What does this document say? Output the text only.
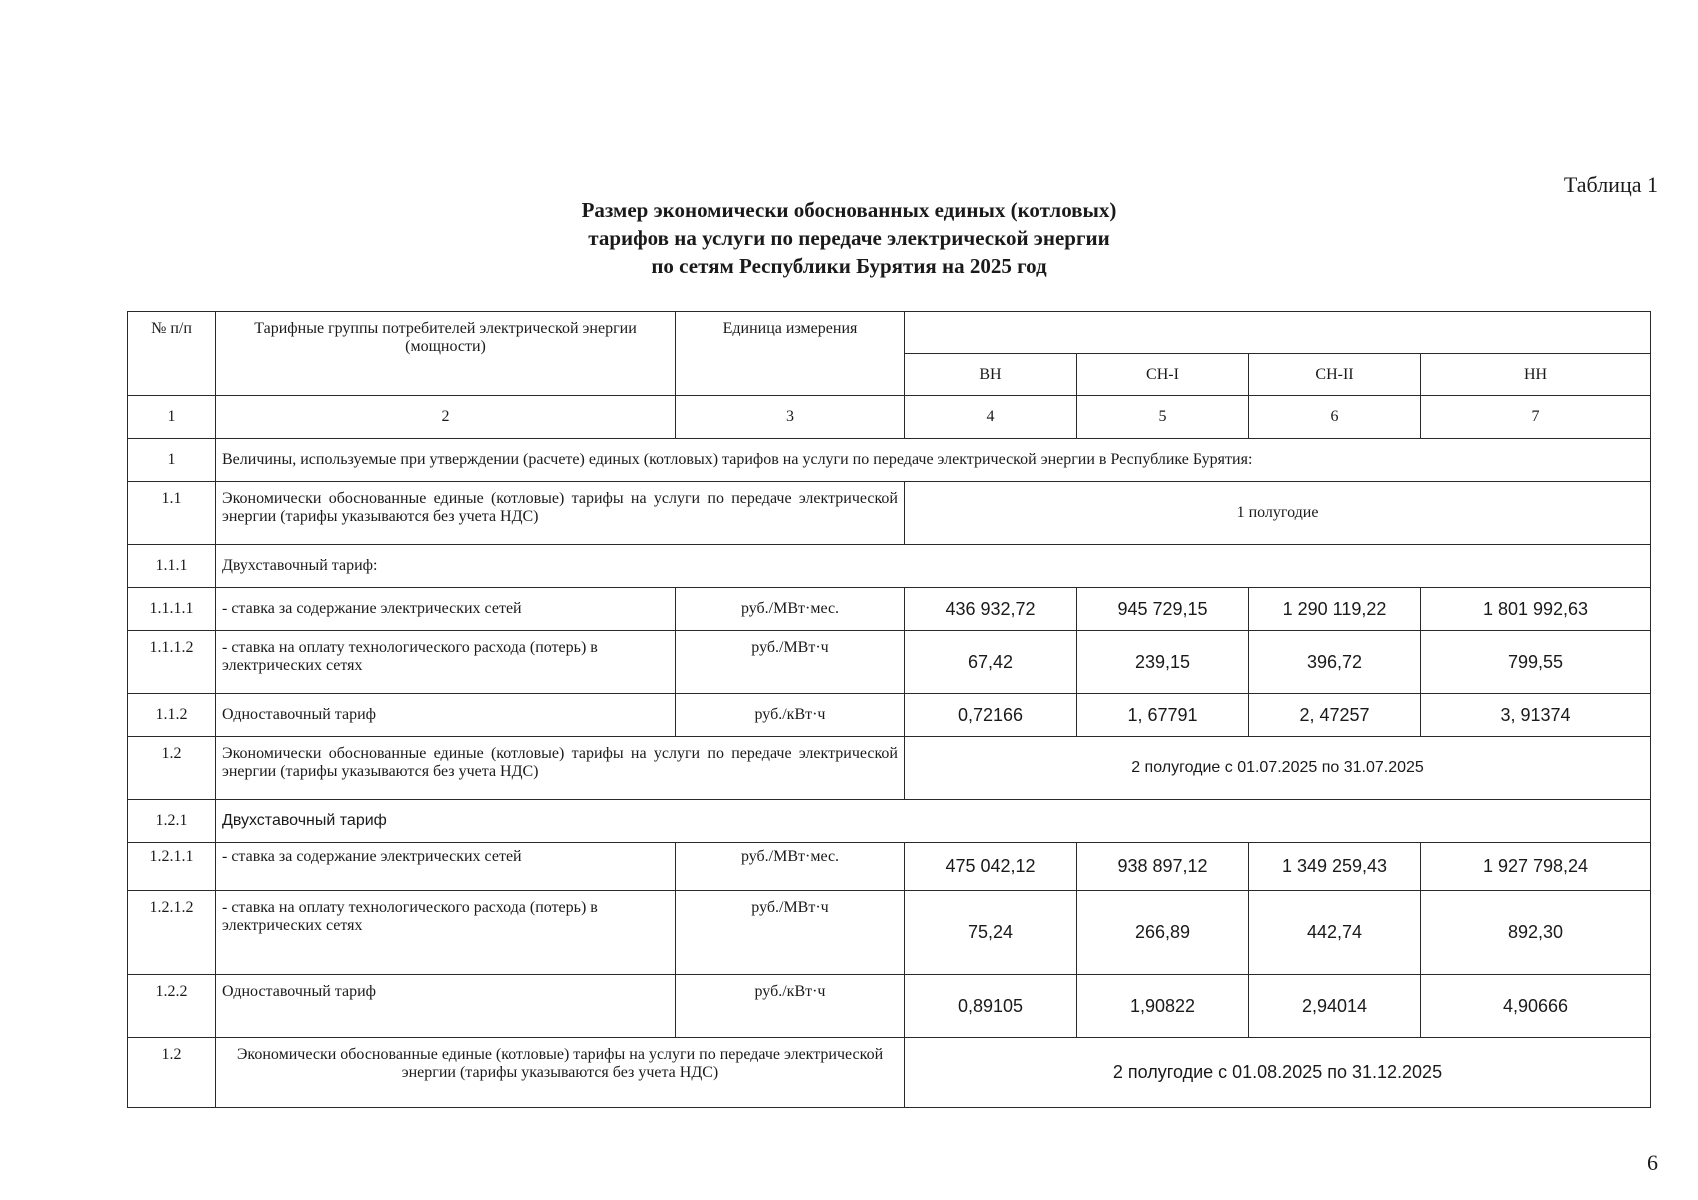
Таблица 1
Размер экономически обоснованных единых (котловых)
тарифов на услуги по передаче электрической энергии
по сетям Республики Бурятия на 2025 год
№ п/п	Тарифные группы потребителей электрической энергии (мощности)	Единица измерения				
			ВН	СН-I	СН-II	НН
1	2	3	4	5	6	7
1	Величины, используемые при утверждении (расчете) единых (котловых) тарифов на услуги по передаче электрической энергии в Республике Бурятия:					
1.1	Экономически обоснованные единые (котловые) тарифы на услуги по передаче электрической энергии (тарифы указываются без учета НДС)		1 полугодие			
1.1.1	Двухставочный тариф:					
1.1.1.1	- ставка за содержание электрических сетей	руб./МВт·мес.	436 932,72	945 729,15	1 290 119,22	1 801 992,63
1.1.1.2	- ставка на оплату технологического расхода (потерь) в электрических сетях	руб./МВт·ч	67,42	239,15	396,72	799,55
1.1.2	Одноставочный тариф	руб./кВт·ч	0,72166	1, 67791	2, 47257	3, 91374
1.2	Экономически обоснованные единые (котловые) тарифы на услуги по передаче электрической энергии (тарифы указываются без учета НДС)		2 полугодие с 01.07.2025 по 31.07.2025			
1.2.1	Двухставочный тариф					
1.2.1.1	- ставка за содержание электрических сетей	руб./МВт·мес.	475 042,12	938 897,12	1 349 259,43	1 927 798,24
1.2.1.2	- ставка на оплату технологического расхода (потерь) в электрических сетях	руб./МВт·ч	75,24	266,89	442,74	892,30
1.2.2	Одноставочный тариф	руб./кВт·ч	0,89105	1,90822	2,94014	4,90666
1.2	Экономически обоснованные единые (котловые) тарифы на услуги по передаче электрической энергии (тарифы указываются без учета НДС)		2 полугодие с 01.08.2025 по 31.12.2025			
6
